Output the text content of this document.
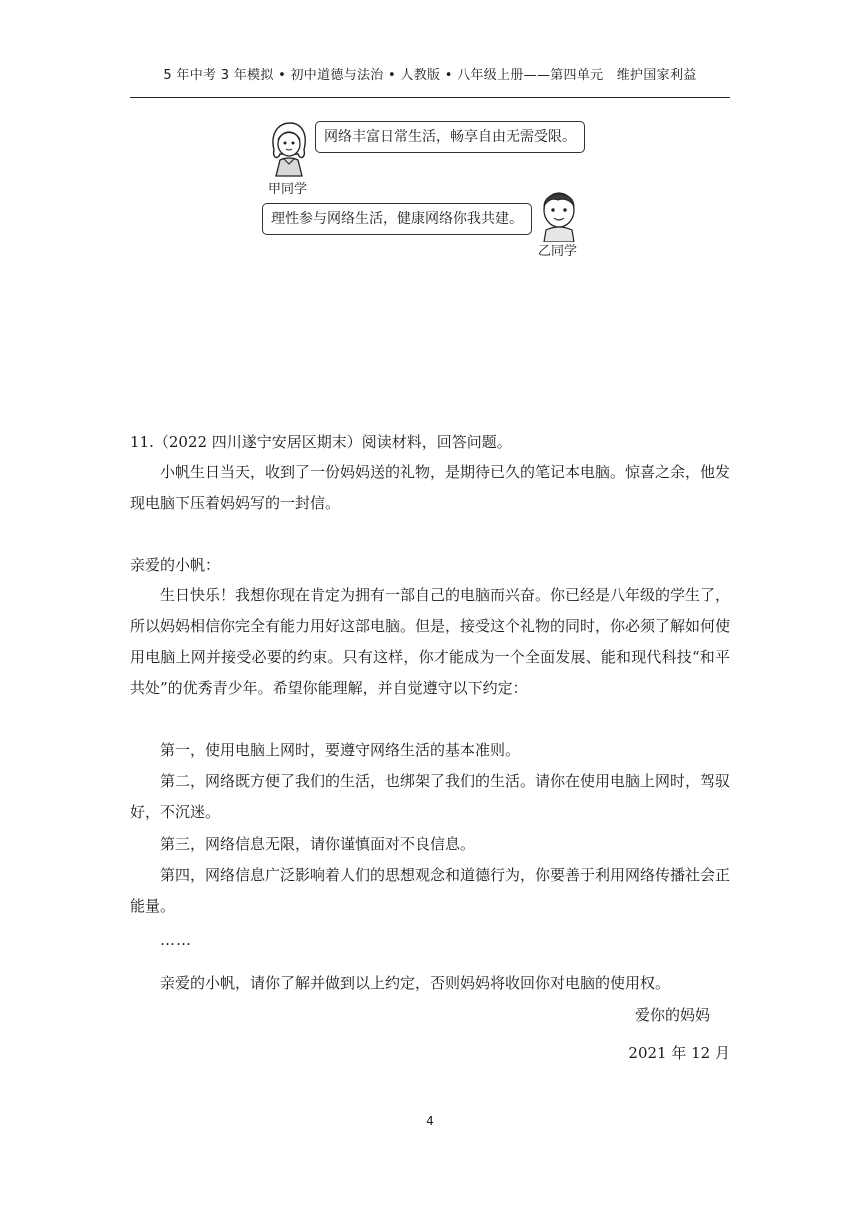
5 年中考 3 年模拟 • 初中道德与法治 • 人教版 • 八年级上册——第四单元　维护国家利益
网络丰富日常生活，畅享自由无需受限。
甲同学
理性参与网络生活，健康网络你我共建。
乙同学
11.（2022 四川遂宁安居区期末）阅读材料，回答问题。
小帆生日当天，收到了一份妈妈送的礼物，是期待已久的笔记本电脑。惊喜之余，他发现电脑下压着妈妈写的一封信。
亲爱的小帆：
生日快乐！我想你现在肯定为拥有一部自己的电脑而兴奋。你已经是八年级的学生了，所以妈妈相信你完全有能力用好这部电脑。但是，接受这个礼物的同时，你必须了解如何使用电脑上网并接受必要的约束。只有这样，你才能成为一个全面发展、能和现代科技“和平共处”的优秀青少年。希望你能理解，并自觉遵守以下约定：
第一，使用电脑上网时，要遵守网络生活的基本准则。
第二，网络既方便了我们的生活，也绑架了我们的生活。请你在使用电脑上网时，驾驭好，不沉迷。
第三，网络信息无限，请你谨慎面对不良信息。
第四，网络信息广泛影响着人们的思想观念和道德行为，你要善于利用网络传播社会正能量。
……
亲爱的小帆，请你了解并做到以上约定，否则妈妈将收回你对电脑的使用权。
爱你的妈妈
2021 年 12 月
4
